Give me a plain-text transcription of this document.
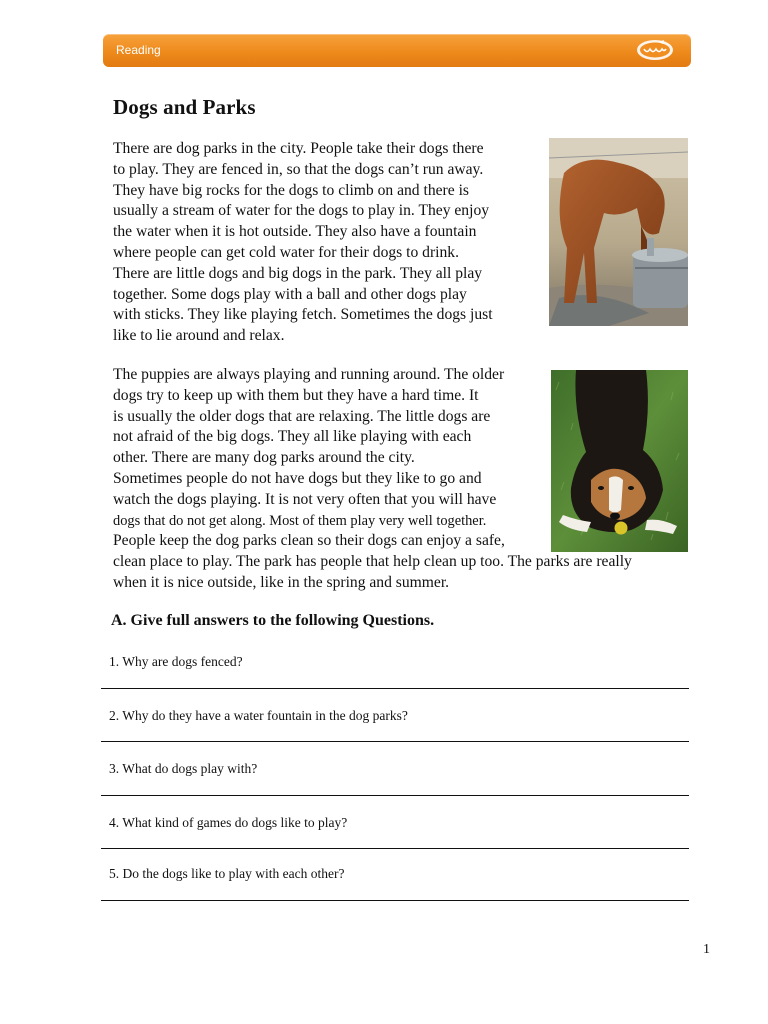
Reading
Dogs and Parks

There are dog parks in the city. People take their dogs there
to play. They are fenced in, so that the dogs can’t run away.
They have big rocks for the dogs to climb on and there is
usually a stream of water for the dogs to play in. They enjoy
the water when it is hot outside. They also have a fountain
where people can get cold water for their dogs to drink.
There are little dogs and big dogs in the park. They all play
together. Some dogs play with a ball and other dogs play
with sticks. They like playing fetch. Sometimes the dogs just
like to lie around and relax.

The puppies are always playing and running around. The older
dogs try to keep up with them but they have a hard time. It
is usually the older dogs that are relaxing. The little dogs are
not afraid of the big dogs. They all like playing with each
other. There are many dog parks around the city.
Sometimes people do not have dogs but they like to go and
watch the dogs playing. It is not very often that you will have
dogs that do not get along. Most of them play very well together.
People keep the dog parks clean so their dogs can enjoy a safe,
clean place to play. The park has people that help clean up too. The parks are really
when it is nice outside, like in the spring and summer.

A. Give full answers to the following Questions.
1. Why are dogs fenced?
2. Why do they have a water fountain in the dog parks?
3. What do dogs play with?
4. What kind of games do dogs like to play?
5. Do the dogs like to play with each other?
1
